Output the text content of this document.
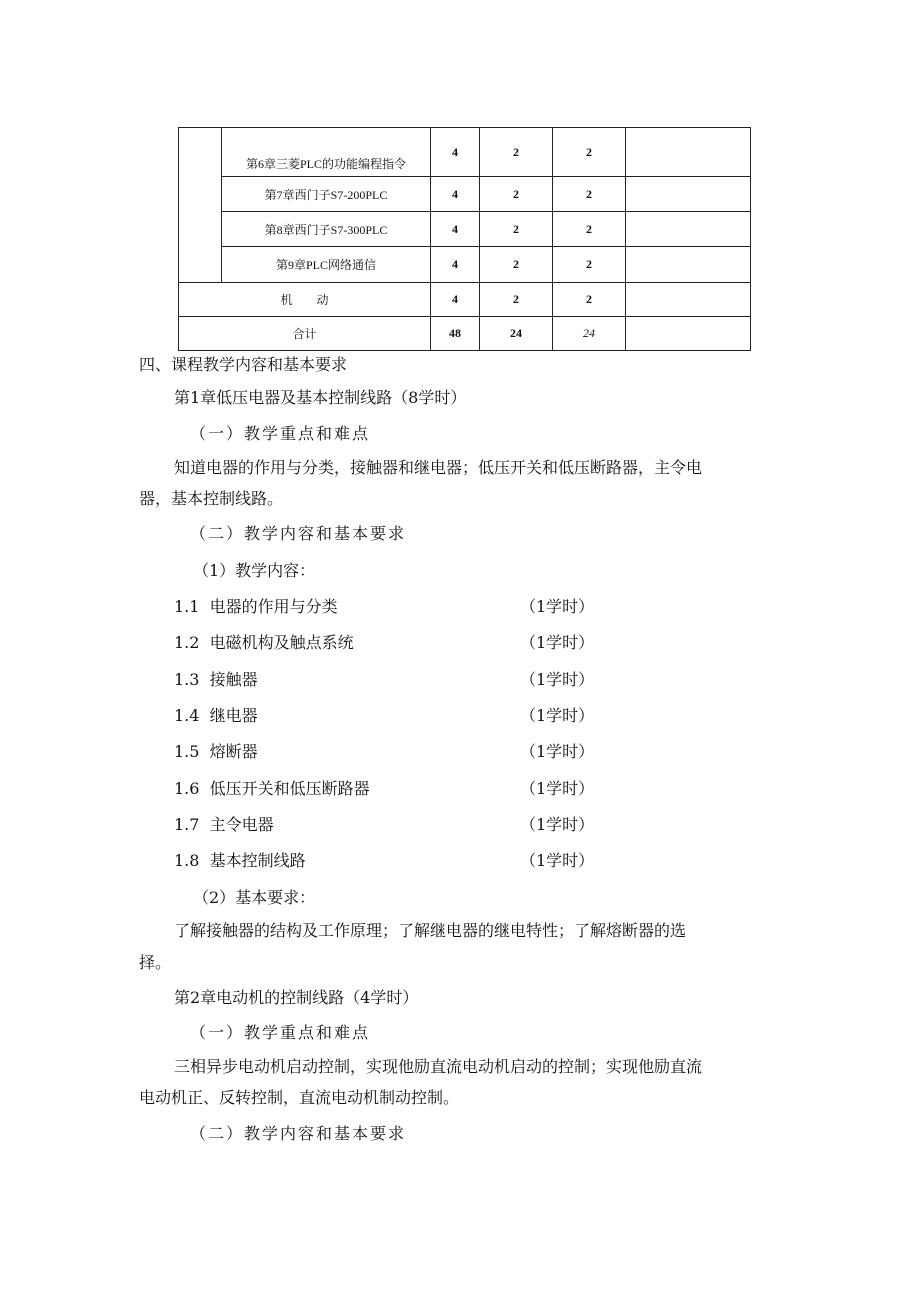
	第6章三菱PLC的功能编程指令	4	2	2	
	第7章西门子S7-200PLC	4	2	2	
	第8章西门子S7-300PLC	4	2	2	
	第9章PLC网络通信	4	2	2	
机　　动		4	2	2	
合计		48	24	24	
四、课程教学内容和基本要求
第1章低压电器及基本控制线路（8学时）
（一）教学重点和难点
知道电器的作用与分类，接触器和继电器；低压开关和低压断路器，主令电
器，基本控制线路。
（二）教学内容和基本要求
（1）教学内容：
1.1 电器的作用与分类	（1学时）
1.2 电磁机构及触点系统	（1学时）
1.3 接触器	（1学时）
1.4 继电器	（1学时）
1.5 熔断器	（1学时）
1.6 低压开关和低压断路器	（1学时）
1.7 主令电器	（1学时）
1.8 基本控制线路	（1学时）
（2）基本要求：
了解接触器的结构及工作原理；了解继电器的继电特性；了解熔断器的选
择。
第2章电动机的控制线路（4学时）
（一）教学重点和难点
三相异步电动机启动控制，实现他励直流电动机启动的控制；实现他励直流
电动机正、反转控制，直流电动机制动控制。
（二）教学内容和基本要求
